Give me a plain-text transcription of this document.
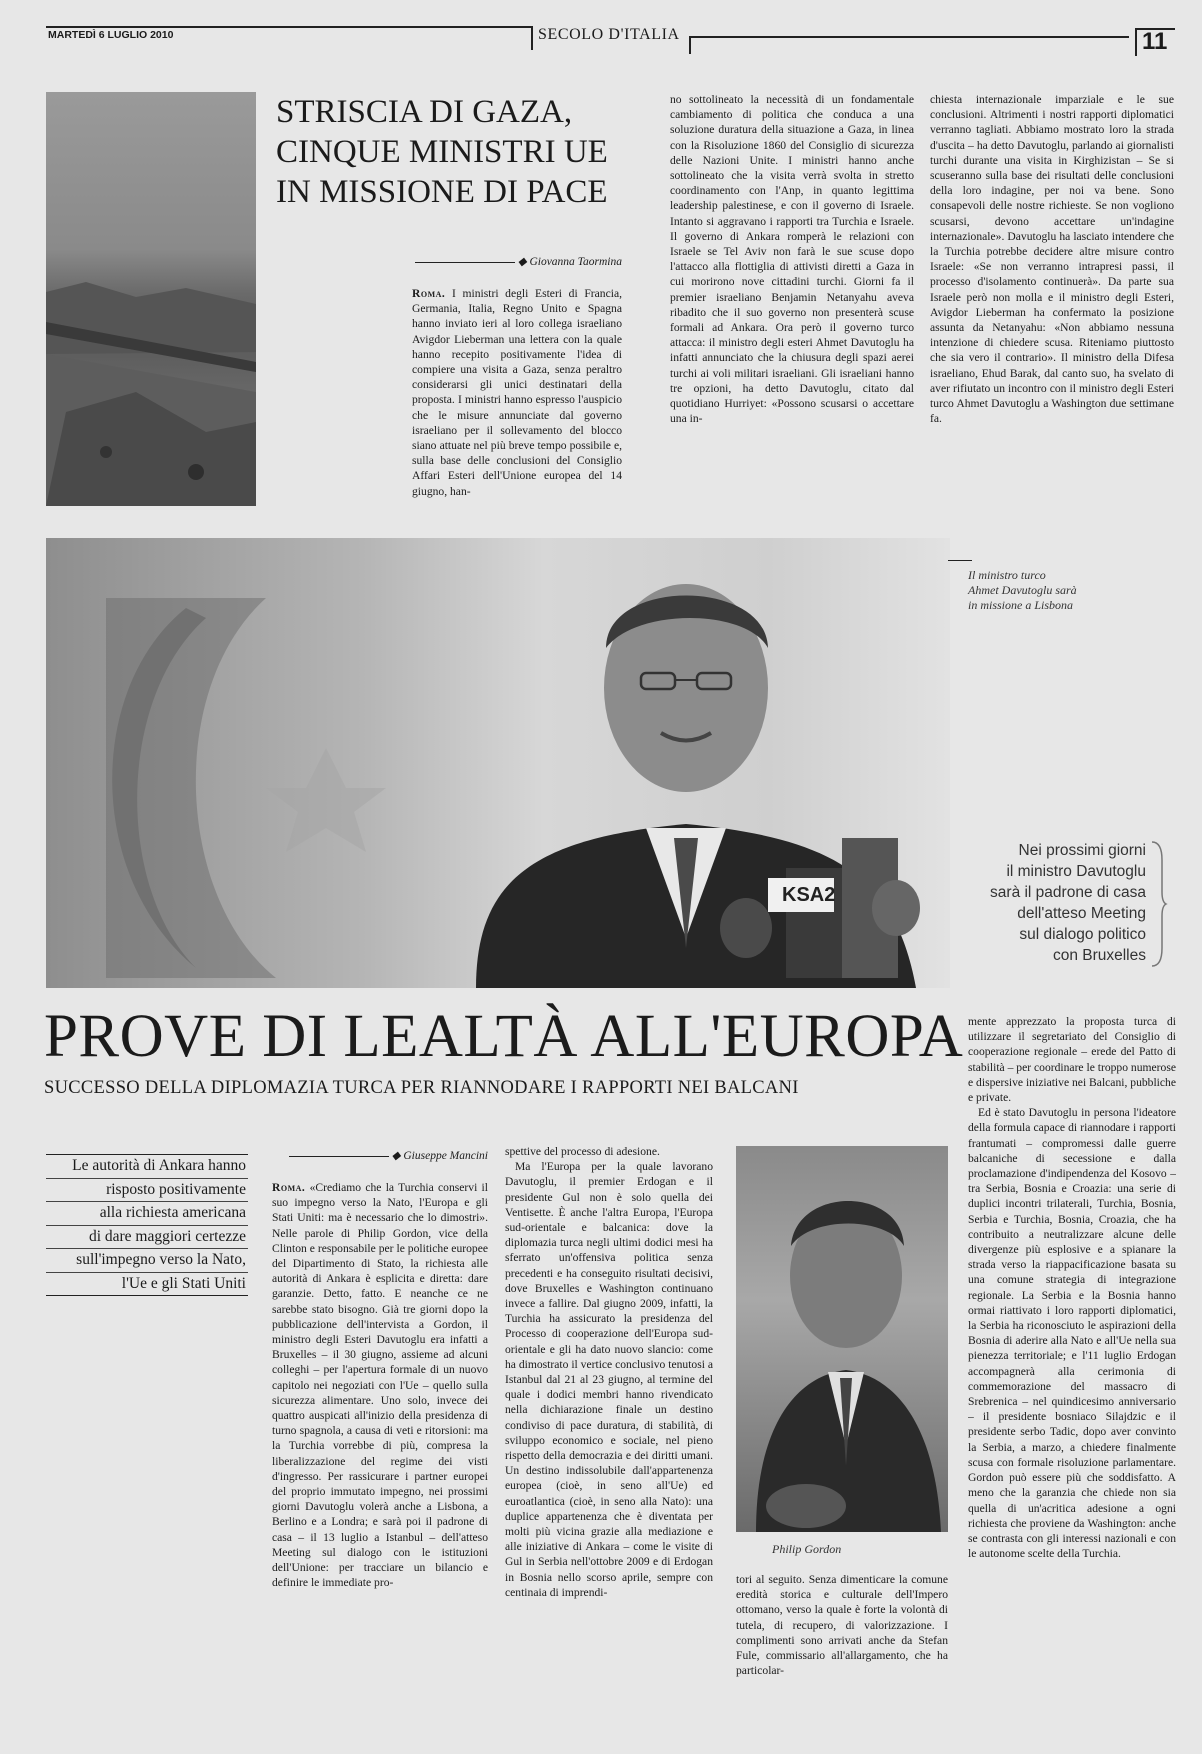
MARTEDÌ 6 LUGLIO 2010	SECOLO D'ITALIA	11
STRISCIA DI GAZA,
CINQUE MINISTRI UE
IN MISSIONE DI PACE
◆ Giovanna Taormina

Roma. I ministri degli Esteri di Francia, Germania, Italia, Regno Unito e Spagna hanno inviato ieri al loro collega israeliano Avigdor Lieberman una lettera con la quale hanno recepito positivamente l'idea di compiere una visita a Gaza, senza peraltro considerarsi gli unici destinatari della proposta. I ministri hanno espresso l'auspicio che le misure annunciate dal governo israeliano per il sollevamento del blocco siano attuate nel più breve tempo possibile e, sulla base delle conclusioni del Consiglio Affari Esteri dell'Unione europea del 14 giugno, han-

no sottolineato la necessità di un fondamentale cambiamento di politica che conduca a una soluzione duratura della situazione a Gaza, in linea con la Risoluzione 1860 del Consiglio di sicurezza delle Nazioni Unite. I ministri hanno anche sottolineato che la visita verrà svolta in stretto coordinamento con l'Anp, in quanto legittima leadership palestinese, e con il governo di Israele. Intanto si aggravano i rapporti tra Turchia e Israele. Il governo di Ankara romperà le relazioni con Israele se Tel Aviv non farà le sue scuse dopo l'attacco alla flottiglia di attivisti diretti a Gaza in cui morirono nove cittadini turchi. Giorni fa il premier israeliano Benjamin Netanyahu aveva ribadito che il suo governo non presenterà scuse formali ad Ankara. Ora però il governo turco attacca: il ministro degli esteri Ahmet Davutoglu ha infatti annunciato che la chiusura degli spazi aerei turchi ai voli militari israeliani. Gli israeliani hanno tre opzioni, ha detto Davutoglu, citato dal quotidiano Hurriyet: «Possono scusarsi o accettare una in-

chiesta internazionale imparziale e le sue conclusioni. Altrimenti i nostri rapporti diplomatici verranno tagliati. Abbiamo mostrato loro la strada d'uscita – ha detto Davutoglu, parlando ai giornalisti turchi durante una visita in Kirghizistan – Se si scuseranno sulla base dei risultati delle conclusioni della loro indagine, per noi va bene. Sono consapevoli delle nostre richieste. Se non vogliono scusarsi, devono accettare un'indagine internazionale». Davutoglu ha lasciato intendere che la Turchia potrebbe decidere altre misure contro Israele: «Se non verranno intrapresi passi, il processo d'isolamento continuerà». Da parte sua Israele però non molla e il ministro degli Esteri, Avigdor Lieberman ha confermato la posizione assunta da Netanyahu: «Non abbiamo nessuna intenzione di chiedere scusa. Riteniamo piuttosto che sia vero il contrario». Il ministro della Difesa israeliano, Ehud Barak, dal canto suo, ha svelato di aver rifiutato un incontro con il ministro degli Esteri turco Ahmet Davutoglu a Washington due settimane fa.

KSA2
Il ministro turco
Ahmet Davutoglu sarà
in missione a Lisbona
Nei prossimi giorni
il ministro Davutoglu
sarà il padrone di casa
dell'atteso Meeting
sul dialogo politico
con Bruxelles
PROVE DI LEALTÀ ALL'EUROPA
SUCCESSO DELLA DIPLOMAZIA TURCA PER RIANNODARE I RAPPORTI NEI BALCANI
Le autorità di Ankara hanno
risposto positivamente
alla richiesta americana
di dare maggiori certezze
sull'impegno verso la Nato,
l'Ue e gli Stati Uniti
◆ Giuseppe Mancini

Roma. «Crediamo che la Turchia conservi il suo impegno verso la Nato, l'Europa e gli Stati Uniti: ma è necessario che lo dimostri». Nelle parole di Philip Gordon, vice della Clinton e responsabile per le politiche europee del Dipartimento di Stato, la richiesta alle autorità di Ankara è esplicita e diretta: dare garanzie. Detto, fatto. E neanche ce ne sarebbe stato bisogno. Già tre giorni dopo la pubblicazione dell'intervista a Gordon, il ministro degli Esteri Davutoglu era infatti a Bruxelles – il 30 giugno, assieme ad alcuni colleghi – per l'apertura formale di un nuovo capitolo nei negoziati con l'Ue – quello sulla sicurezza alimentare. Uno solo, invece dei quattro auspicati all'inizio della presidenza di turno spagnola, a causa di veti e ritorsioni: ma la Turchia vorrebbe di più, compresa la liberalizzazione del regime dei visti d'ingresso. Per rassicurare i partner europei del proprio immutato impegno, nei prossimi giorni Davutoglu volerà anche a Lisbona, a Berlino e a Londra; e sarà poi il padrone di casa – il 13 luglio a Istanbul – dell'atteso Meeting sul dialogo con le istituzioni dell'Unione: per tracciare un bilancio e definire le immediate pro-

spettive del processo di adesione.

Ma l'Europa per la quale lavorano Davutoglu, il premier Erdogan e il presidente Gul non è solo quella dei Ventisette. È anche l'altra Europa, l'Europa sud-orientale e balcanica: dove la diplomazia turca negli ultimi dodici mesi ha sferrato un'offensiva politica senza precedenti e ha conseguito risultati decisivi, dove Bruxelles e Washington continuano invece a fallire. Dal giugno 2009, infatti, la Turchia ha assicurato la presidenza del Processo di cooperazione dell'Europa sud-orientale e gli ha dato nuovo slancio: come ha dimostrato il vertice conclusivo tenutosi a Istanbul dal 21 al 23 giugno, al termine del quale i dodici membri hanno rivendicato nella dichiarazione finale un destino condiviso di pace duratura, di stabilità, di sviluppo economico e sociale, nel pieno rispetto della democrazia e dei diritti umani. Un destino indissolubile dall'appartenenza europea (cioè, in seno all'Ue) ed euroatlantica (cioè, in seno alla Nato): una duplice appartenenza che è diventata per molti più vicina grazie alla mediazione e alle iniziative di Ankara – come le visite di Gul in Serbia nell'ottobre 2009 e di Erdogan in Bosnia nello scorso aprile, sempre con centinaia di imprendi-

Philip Gordon

tori al seguito. Senza dimenticare la comune eredità storica e culturale dell'Impero ottomano, verso la quale è forte la volontà di tutela, di recupero, di valorizzazione. I complimenti sono arrivati anche da Stefan Fule, commissario all'allargamento, che ha particolar-

mente apprezzato la proposta turca di utilizzare il segretariato del Consiglio di cooperazione regionale – erede del Patto di stabilità – per coordinare le troppo numerose e dispersive iniziative nei Balcani, pubbliche e private.

Ed è stato Davutoglu in persona l'ideatore della formula capace di riannodare i rapporti frantumati – compromessi dalle guerre balcaniche di secessione e dalla proclamazione d'indipendenza del Kosovo – tra Serbia, Bosnia e Croazia: una serie di duplici incontri trilaterali, Turchia, Bosnia, Serbia e Turchia, Bosnia, Croazia, che ha contribuito a neutralizzare alcune delle divergenze più esplosive e a spianare la strada verso la riappacificazione basata su una comune strategia di integrazione regionale. La Serbia e la Bosnia hanno ormai riattivato i loro rapporti diplomatici, la Serbia ha riconosciuto le aspirazioni della Bosnia di aderire alla Nato e all'Ue nella sua pienezza territoriale; e l'11 luglio Erdogan accompagnerà alla cerimonia di commemorazione del massacro di Srebrenica – nel quindicesimo anniversario – il presidente bosniaco Silajdzic e il presidente serbo Tadic, dopo aver convinto la Serbia, a marzo, a chiedere finalmente scusa con formale risoluzione parlamentare. Gordon può essere più che soddisfatto. A meno che la garanzia che chiede non sia quella di un'acritica adesione a ogni richiesta che proviene da Washington: anche se contrasta con gli interessi nazionali e con le autonome scelte della Turchia.
